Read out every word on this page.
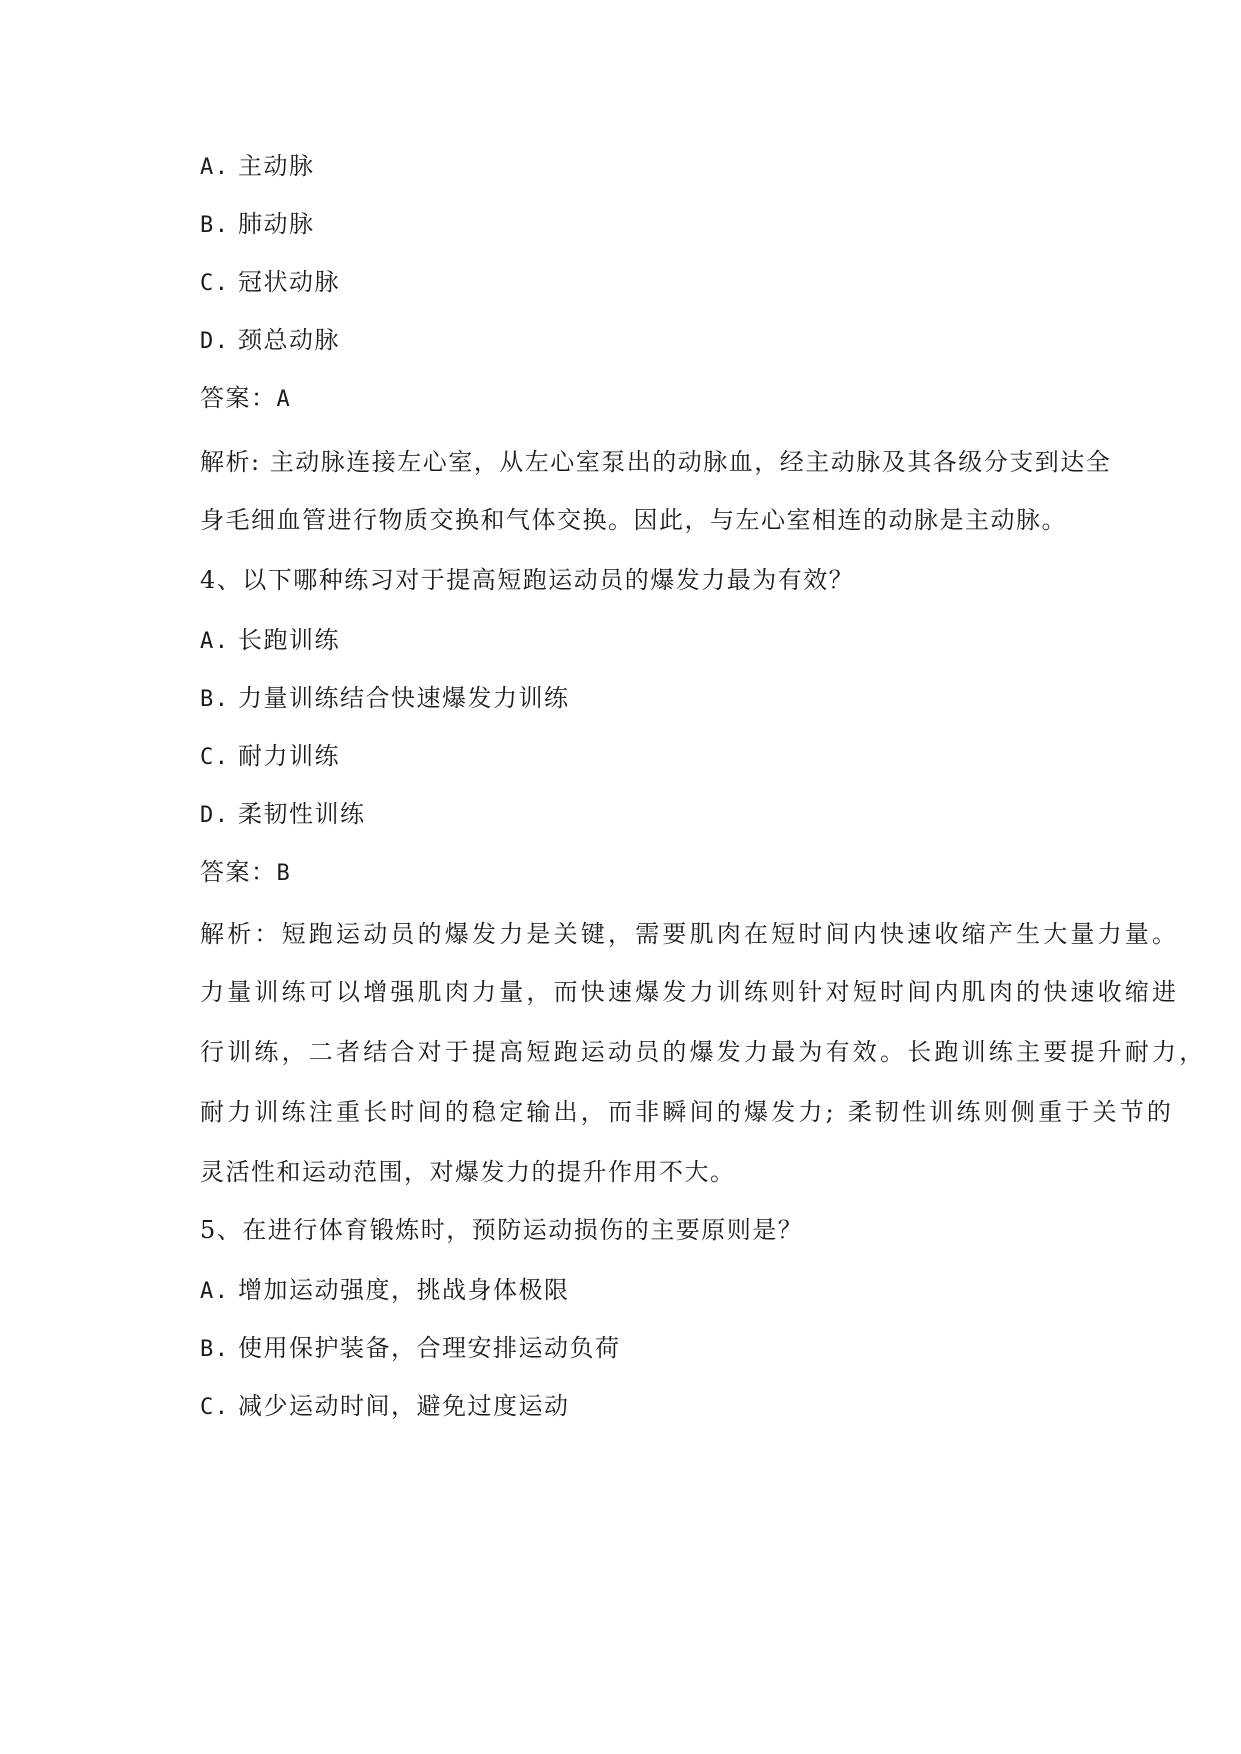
A. 主动脉
B. 肺动脉
C. 冠状动脉
D. 颈总动脉
答案：A
解析: 主动脉连接左心室，从左心室泵出的动脉血，经主动脉及其各级分支到达全
身毛细血管进行物质交换和气体交换。因此，与左心室相连的动脉是主动脉。
4、以下哪种练习对于提高短跑运动员的爆发力最为有效？
A. 长跑训练
B. 力量训练结合快速爆发力训练
C. 耐力训练
D. 柔韧性训练
答案：B
解析：短跑运动员的爆发力是关键，需要肌肉在短时间内快速收缩产生大量力量。
力量训练可以增强肌肉力量，而快速爆发力训练则针对短时间内肌肉的快速收缩进
行训练，二者结合对于提高短跑运动员的爆发力最为有效。长跑训练主要提升耐力，
耐力训练注重长时间的稳定输出，而非瞬间的爆发力; 柔韧性训练则侧重于关节的
灵活性和运动范围，对爆发力的提升作用不大。
5、在进行体育锻炼时，预防运动损伤的主要原则是？
A. 增加运动强度，挑战身体极限
B. 使用保护装备，合理安排运动负荷
C. 减少运动时间，避免过度运动
